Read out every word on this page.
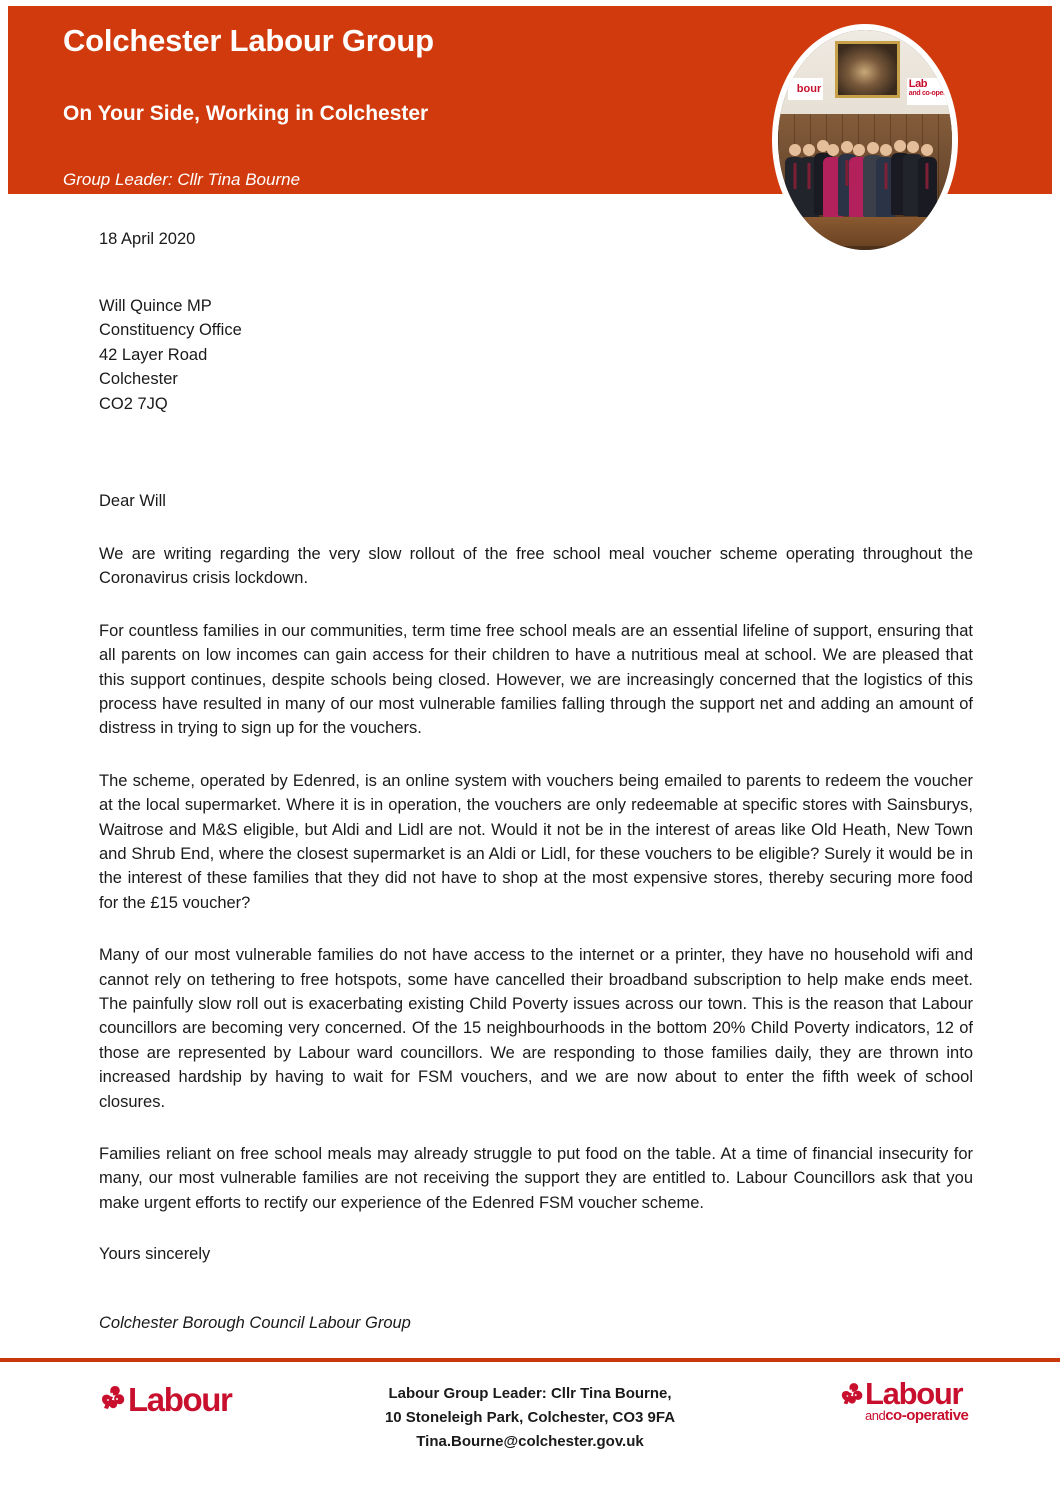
Colchester Labour Group
On Your Side, Working in Colchester
Group Leader: Cllr Tina Bourne
bour	Lab
and co-opera
18 April 2020
Will Quince MP
Constituency Office
42 Layer Road
Colchester
CO2 7JQ
Dear Will

We are writing regarding the very slow rollout of the free school meal voucher scheme operating throughout the Coronavirus crisis lockdown.

For countless families in our communities, term time free school meals are an essential lifeline of support, ensuring that all parents on low incomes can gain access for their children to have a nutritious meal at school. We are pleased that this support continues, despite schools being closed. However, we are increasingly concerned that the logistics of this process have resulted in many of our most vulnerable families falling through the support net and adding an amount of distress in trying to sign up for the vouchers.

The scheme, operated by Edenred, is an online system with vouchers being emailed to parents to redeem the voucher at the local supermarket. Where it is in operation, the vouchers are only redeemable at specific stores with Sainsburys, Waitrose and M&S eligible, but Aldi and Lidl are not. Would it not be in the interest of areas like Old Heath, New Town and Shrub End, where the closest supermarket is an Aldi or Lidl, for these vouchers to be eligible? Surely it would be in the interest of these families that they did not have to shop at the most expensive stores, thereby securing more food for the £15 voucher?

Many of our most vulnerable families do not have access to the internet or a printer, they have no household wifi and cannot rely on tethering to free hotspots, some have cancelled their broadband subscription to help make ends meet. The painfully slow roll out is exacerbating existing Child Poverty issues across our town. This is the reason that Labour councillors are becoming very concerned. Of the 15 neighbourhoods in the bottom 20% Child Poverty indicators, 12 of those are represented by Labour ward councillors. We are responding to those families daily, they are thrown into increased hardship by having to wait for FSM vouchers, and we are now about to enter the fifth week of school closures.

Families reliant on free school meals may already struggle to put food on the table. At a time of financial insecurity for many, our most vulnerable families are not receiving the support they are entitled to. Labour Councillors ask that you make urgent efforts to rectify our experience of the Edenred FSM voucher scheme.

Yours sincerely
Colchester Borough Council Labour Group
Labour	Labour Group Leader: Cllr Tina Bourne,
10 Stoneleigh Park, Colchester, CO3 9FA
Tina.Bourne@colchester.gov.uk
Labour
andco-operative
